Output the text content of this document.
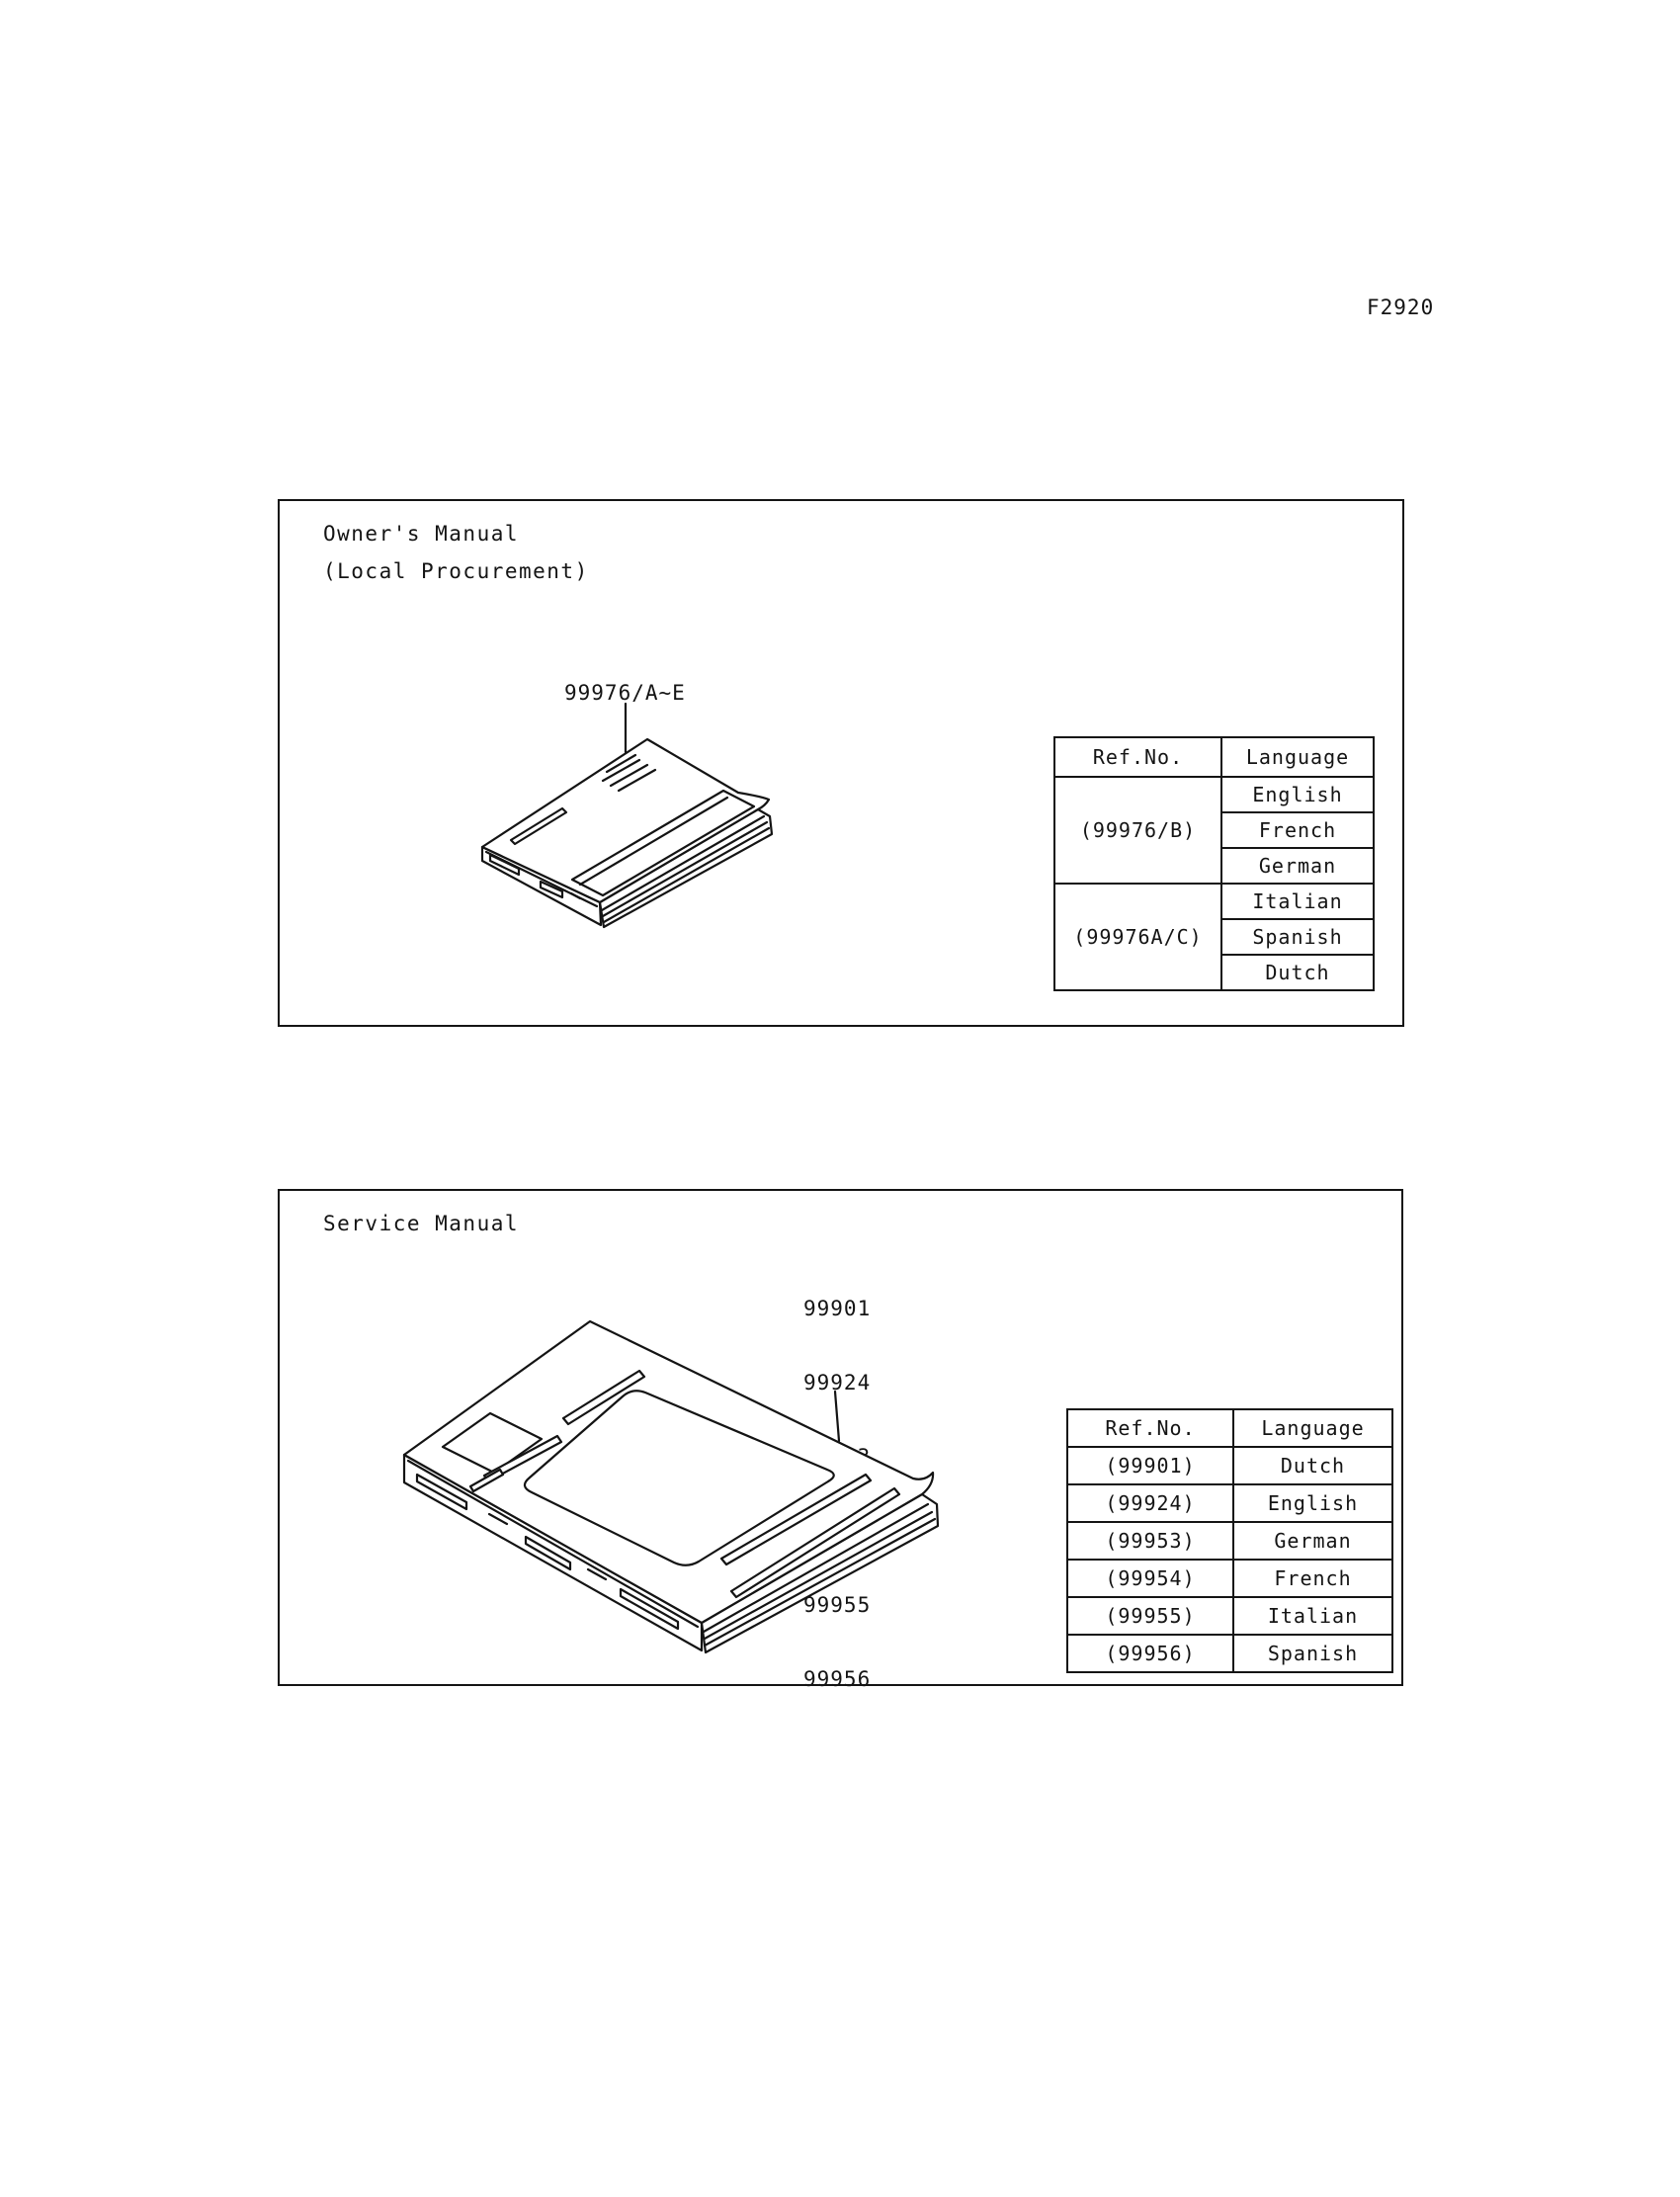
F2920
Owner's Manual
(Local Procurement)
99976/A~E
Ref.No.	Language
(99976/B)	English
	French
	German
(99976A/C)	Italian
	Spanish
	Dutch
Service Manual

99901

99924

99955

99956

Ref.No.	Language
(99901)	Dutch
(99924)	English
(99953)	German
(99954)	French
(99955)	Italian
(99956)	Spanish
